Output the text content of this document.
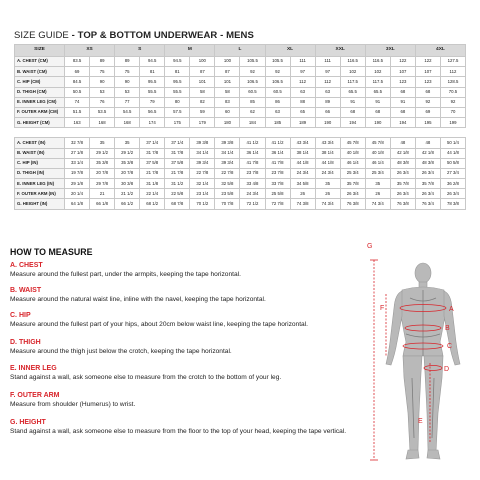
SIZE GUIDE - TOP & BOTTOM UNDERWEAR - MENS
SIZE	XS		S		M		L		XL		XXL		3XL		4XL	
A. CHEST (CM)	83.5	89	89	94.5	94.5	100	100	105.5	105.5	111	111	116.5	116.5	122	122	127.5
B. WAIST (CM)	69	75	75	81	81	87	87	92	92	97	97	102	102	107	107	112
C. HIP (CM)	84.5	90	90	95.5	95.5	101	101	106.5	106.5	112	112	117.5	117.5	123	123	128.5
D. THIGH (CM)	50.5	53	53	55.5	55.5	58	58	60.5	60.5	63	63	65.5	65.5	68	68	70.5
E. INNER LEG (CM)	74	76	77	79	80	82	83	85	86	88	89	91	91	91	92	92
F. OUTER ARM (CM)	51.5	53.5	54.5	56.5	57.5	59	60	62	63	65	66	68	68	68	69	70
G. HEIGHT (CM)	163	168	168	174	175	179	180	184	185	189	190	194	190	194	195	199

A. CHEST (IN)	32 7/8	35	35	37 1/4	37 1/4	39 3/8	39 3/8	41 1/2	41 1/2	43 3/4	43 3/4	45 7/8	45 7/8	48	48	50 1/4
B. WAIST (IN)	27 1/8	29 1/2	29 1/2	31 7/8	31 7/8	34 1/4	34 1/4	36 1/4	36 1/4	38 1/4	38 1/4	40 1/8	40 1/8	42 1/8	42 1/8	44 1/8
C. HIP (IN)	33 1/4	35 3/8	35 3/8	37 5/8	37 5/8	39 3/4	39 3/4	41 7/8	41 7/8	44 1/8	44 1/8	46 1/4	46 1/4	48 3/8	48 3/8	50 5/8
D. THIGH (IN)	19 7/8	20 7/8	20 7/8	21 7/8	21 7/8	22 7/8	22 7/8	23 7/8	23 7/8	24 3/4	24 3/4	25 3/4	25 3/4	26 3/4	26 3/4	27 3/4
E. INNER LEG (IN)	29 1/8	29 7/8	30 3/8	31 1/8	31 1/2	32 1/4	32 5/8	33 4/8	33 7/8	34 5/8	35	35 7/8	35	35 7/8	35 7/8	36 2/8
F. OUTER ARM (IN)	20 1/4	21	21 1/2	22 1/4	22 5/8	23 1/4	23 5/8	24 3/4	25 5/8	26	26	26 3/4	26	26 3/4	26 3/4	26 3/4
G. HEIGHT (IN)	64 1/8	66 1/8	66 1/2	68 1/2	68 7/8	70 1/2	70 7/8	72 1/2	72 7/8	74 3/8	74 3/4	76 3/8	74 3/4	76 3/8	76 3/4	78 3/8
HOW TO MEASURE
A. CHEST
Measure around the fullest part, under the armpits, keeping the tape horizontal.
B. WAIST
Measure around the natural waist line, inline with the navel, keeping the tape horizontal.
C. HIP
Measure around the fullest part of your hips, about 20cm below waist line, keeping the tape horizontal.
D. THIGH
Measure around the thigh just below the crotch, keeping the tape horizontal.
E. INNER LEG
Stand against a wall, ask someone else to measure from the crotch to the bottom of your leg.
F. OUTER ARM
Measure from shoulder (Humerus) to wrist.
G. HEIGHT
Stand against a wall, ask someone else to measure from the floor to the top of your head, keeping the tape vertical.
G
F	A
B
C
D
E
